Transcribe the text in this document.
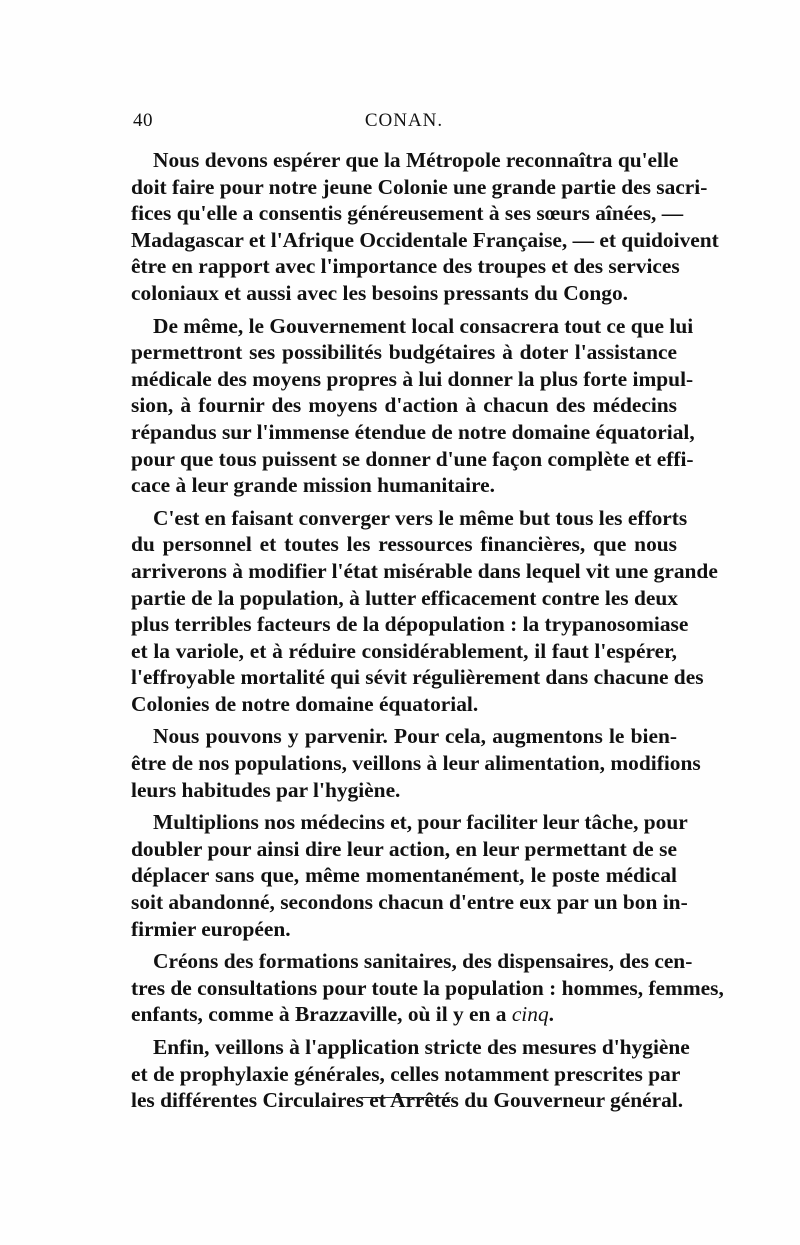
40	CONAN.
Nous devons espérer que la Métropole reconnaîtra qu'elle
doit faire pour notre jeune Colonie une grande partie des sacri-
fices qu'elle a consentis généreusement à ses sœurs aînées, —
Madagascar et l'Afrique Occidentale Française, — et quidoivent
être en rapport avec l'importance des troupes et des services
coloniaux et aussi avec les besoins pressants du Congo.
De même, le Gouvernement local consacrera tout ce que lui
permettront ses possibilités budgétaires à doter l'assistance
médicale des moyens propres à lui donner la plus forte impul-
sion, à fournir des moyens d'action à chacun des médecins
répandus sur l'immense étendue de notre domaine équatorial,
pour que tous puissent se donner d'une façon complète et effi-
cace à leur grande mission humanitaire.
C'est en faisant converger vers le même but tous les efforts
du personnel et toutes les ressources financières, que nous
arriverons à modifier l'état misérable dans lequel vit une grande
partie de la population, à lutter efficacement contre les deux
plus terribles facteurs de la dépopulation : la trypanosomiase
et la variole, et à réduire considérablement, il faut l'espérer,
l'effroyable mortalité qui sévit régulièrement dans chacune des
Colonies de notre domaine équatorial.
Nous pouvons y parvenir. Pour cela, augmentons le bien-
être de nos populations, veillons à leur alimentation, modifions
leurs habitudes par l'hygiène.
Multiplions nos médecins et, pour faciliter leur tâche, pour
doubler pour ainsi dire leur action, en leur permettant de se
déplacer sans que, même momentanément, le poste médical
soit abandonné, secondons chacun d'entre eux par un bon in-
firmier européen.
Créons des formations sanitaires, des dispensaires, des cen-
tres de consultations pour toute la population : hommes, femmes,
enfants, comme à Brazzaville, où il y en a cinq.
Enfin, veillons à l'application stricte des mesures d'hygiène
et de prophylaxie générales, celles notamment prescrites par
les différentes Circulaires et Arrêtés du Gouverneur général.
